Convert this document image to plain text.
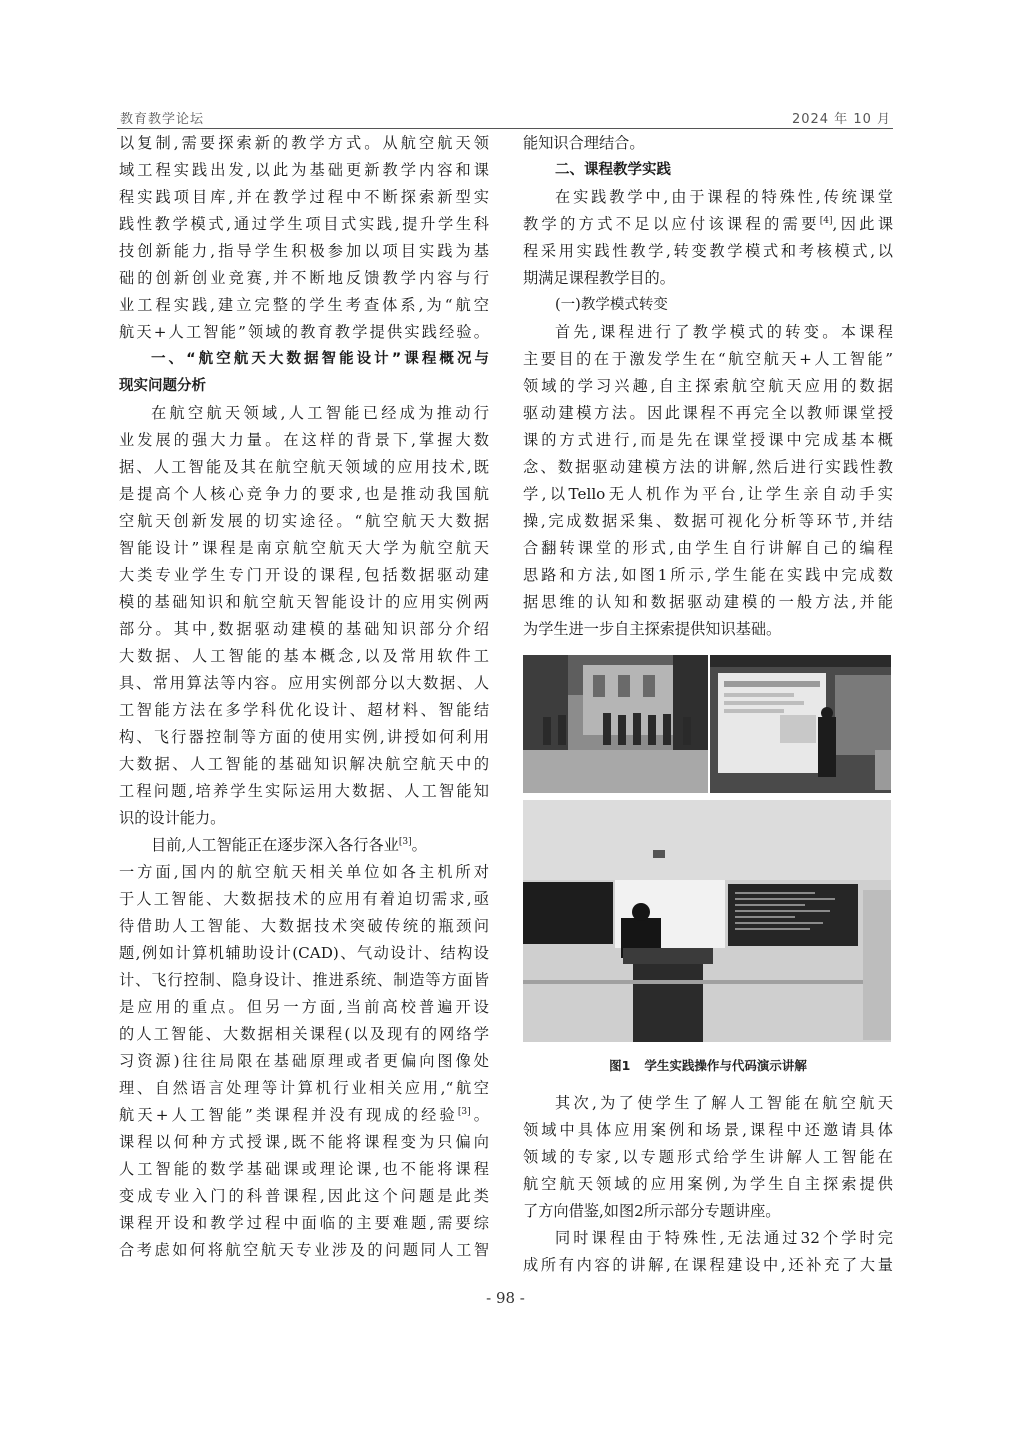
教育教学论坛	2024 年 10 月
以复制,需要探索新的教学方式。从航空航天领
域工程实践出发,以此为基础更新教学内容和课
程实践项目库,并在教学过程中不断探索新型实
践性教学模式,通过学生项目式实践,提升学生科
技创新能力,指导学生积极参加以项目实践为基
础的创新创业竞赛,并不断地反馈教学内容与行
业工程实践,建立完整的学生考查体系,为“航空
航天+人工智能”领域的教育教学提供实践经验。
一、“航空航天大数据智能设计”课程概况与
现实问题分析
在航空航天领域,人工智能已经成为推动行
业发展的强大力量。在这样的背景下,掌握大数
据、人工智能及其在航空航天领域的应用技术,既
是提高个人核心竞争力的要求,也是推动我国航
空航天创新发展的切实途径。“航空航天大数据
智能设计”课程是南京航空航天大学为航空航天
大类专业学生专门开设的课程,包括数据驱动建
模的基础知识和航空航天智能设计的应用实例两
部分。其中,数据驱动建模的基础知识部分介绍
大数据、人工智能的基本概念,以及常用软件工
具、常用算法等内容。应用实例部分以大数据、人
工智能方法在多学科优化设计、超材料、智能结
构、飞行器控制等方面的使用实例,讲授如何利用
大数据、人工智能的基础知识解决航空航天中的
工程问题,培养学生实际运用大数据、人工智能知
识的设计能力。
目前,人工智能正在逐步深入各行各业[3]。
一方面,国内的航空航天相关单位如各主机所对
于人工智能、大数据技术的应用有着迫切需求,亟
待借助人工智能、大数据技术突破传统的瓶颈问
题,例如计算机辅助设计(CAD)、气动设计、结构设
计、飞行控制、隐身设计、推进系统、制造等方面皆
是应用的重点。但另一方面,当前高校普遍开设
的人工智能、大数据相关课程(以及现有的网络学
习资源)往往局限在基础原理或者更偏向图像处
理、自然语言处理等计算机行业相关应用,“航空
航天+人工智能”类课程并没有现成的经验[3]。
课程以何种方式授课,既不能将课程变为只偏向
人工智能的数学基础课或理论课,也不能将课程
变成专业入门的科普课程,因此这个问题是此类
课程开设和教学过程中面临的主要难题,需要综
合考虑如何将航空航天专业涉及的问题同人工智
能知识合理结合。
二、课程教学实践
在实践教学中,由于课程的特殊性,传统课堂
教学的方式不足以应付该课程的需要[4],因此课
程采用实践性教学,转变教学模式和考核模式,以
期满足课程教学目的。
(一)教学模式转变
首先,课程进行了教学模式的转变。本课程
主要目的在于激发学生在“航空航天+人工智能”
领域的学习兴趣,自主探索航空航天应用的数据
驱动建模方法。因此课程不再完全以教师课堂授
课的方式进行,而是先在课堂授课中完成基本概
念、数据驱动建模方法的讲解,然后进行实践性教
学,以Tello无人机作为平台,让学生亲自动手实
操,完成数据采集、数据可视化分析等环节,并结
合翻转课堂的形式,由学生自行讲解自己的编程
思路和方法,如图1所示,学生能在实践中完成数
据思维的认知和数据驱动建模的一般方法,并能
为学生进一步自主探索提供知识基础。
图1 学生实践操作与代码演示讲解
其次,为了使学生了解人工智能在航空航天
领域中具体应用案例和场景,课程中还邀请具体
领域的专家,以专题形式给学生讲解人工智能在
航空航天领域的应用案例,为学生自主探索提供
了方向借鉴,如图2所示部分专题讲座。
同时课程由于特殊性,无法通过32个学时完
成所有内容的讲解,在课程建设中,还补充了大量
- 98 -
